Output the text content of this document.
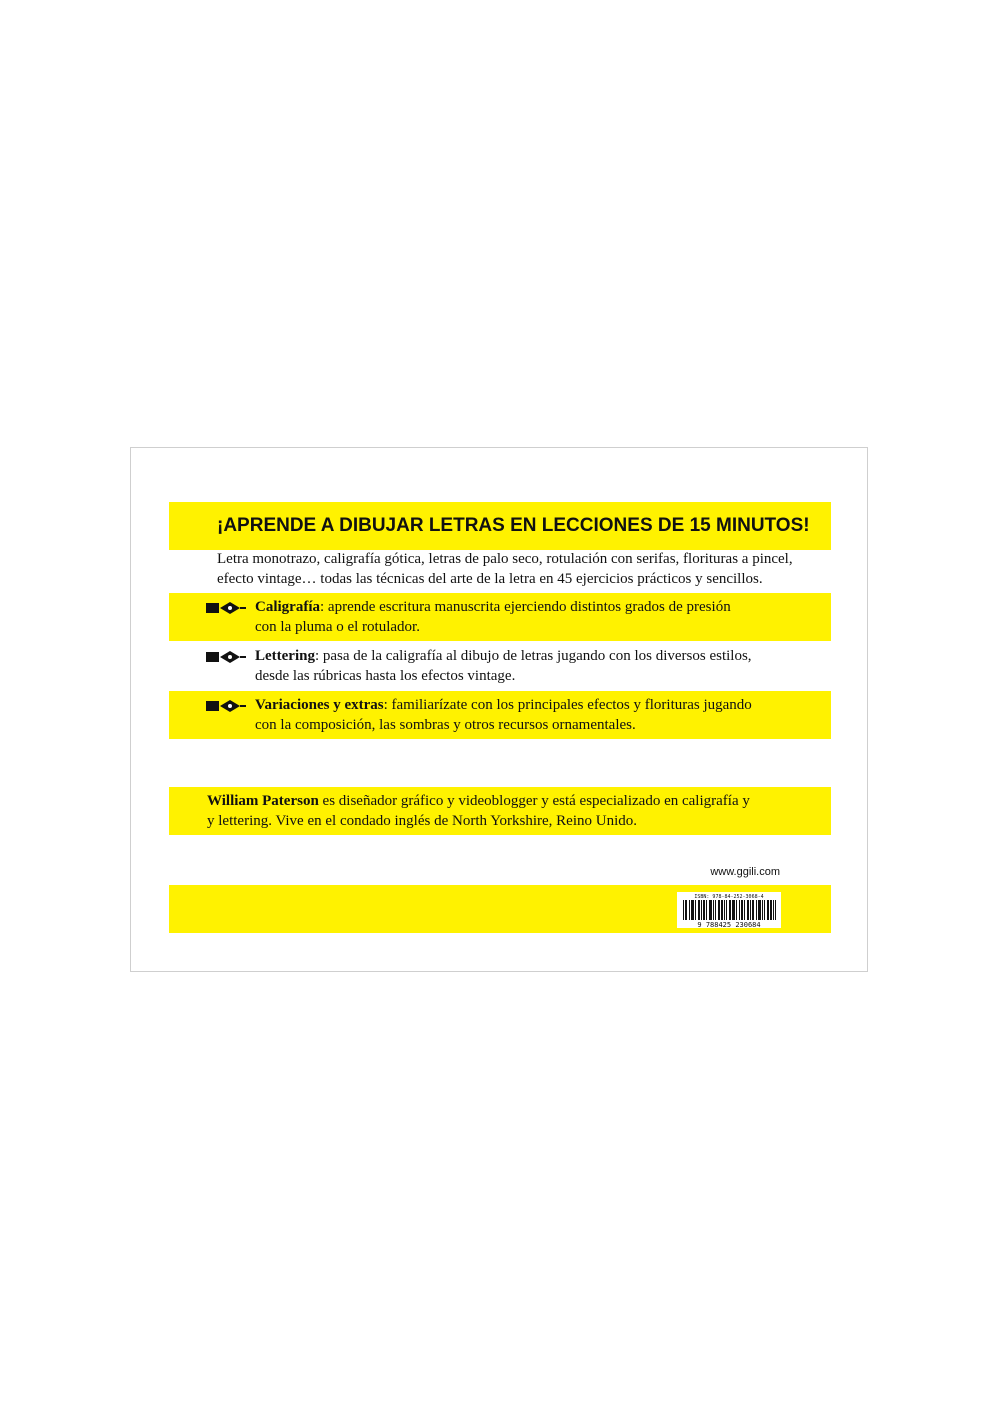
¡APRENDE A DIBUJAR LETRAS EN LECCIONES DE 15 MINUTOS!
Letra monotrazo, caligrafía gótica, letras de palo seco, rotulación con serifas, florituras a pincel,
efecto vintage… todas las técnicas del arte de la letra en 45 ejercicios prácticos y sencillos.
Caligrafía: aprende escritura manuscrita ejerciendo distintos grados de presión
con la pluma o el rotulador.
Lettering: pasa de la caligrafía al dibujo de letras jugando con los diversos estilos,
desde las rúbricas hasta los efectos vintage.
Variaciones y extras: familiarízate con los principales efectos y florituras jugando
con la composición, las sombras y otros recursos ornamentales.
William Paterson es diseñador gráfico y videoblogger y está especializado en caligrafía y
y lettering. Vive en el condado inglés de North Yorkshire, Reino Unido.
www.ggili.com
ISBN: 978-84-252-3068-4
9 788425 230684
